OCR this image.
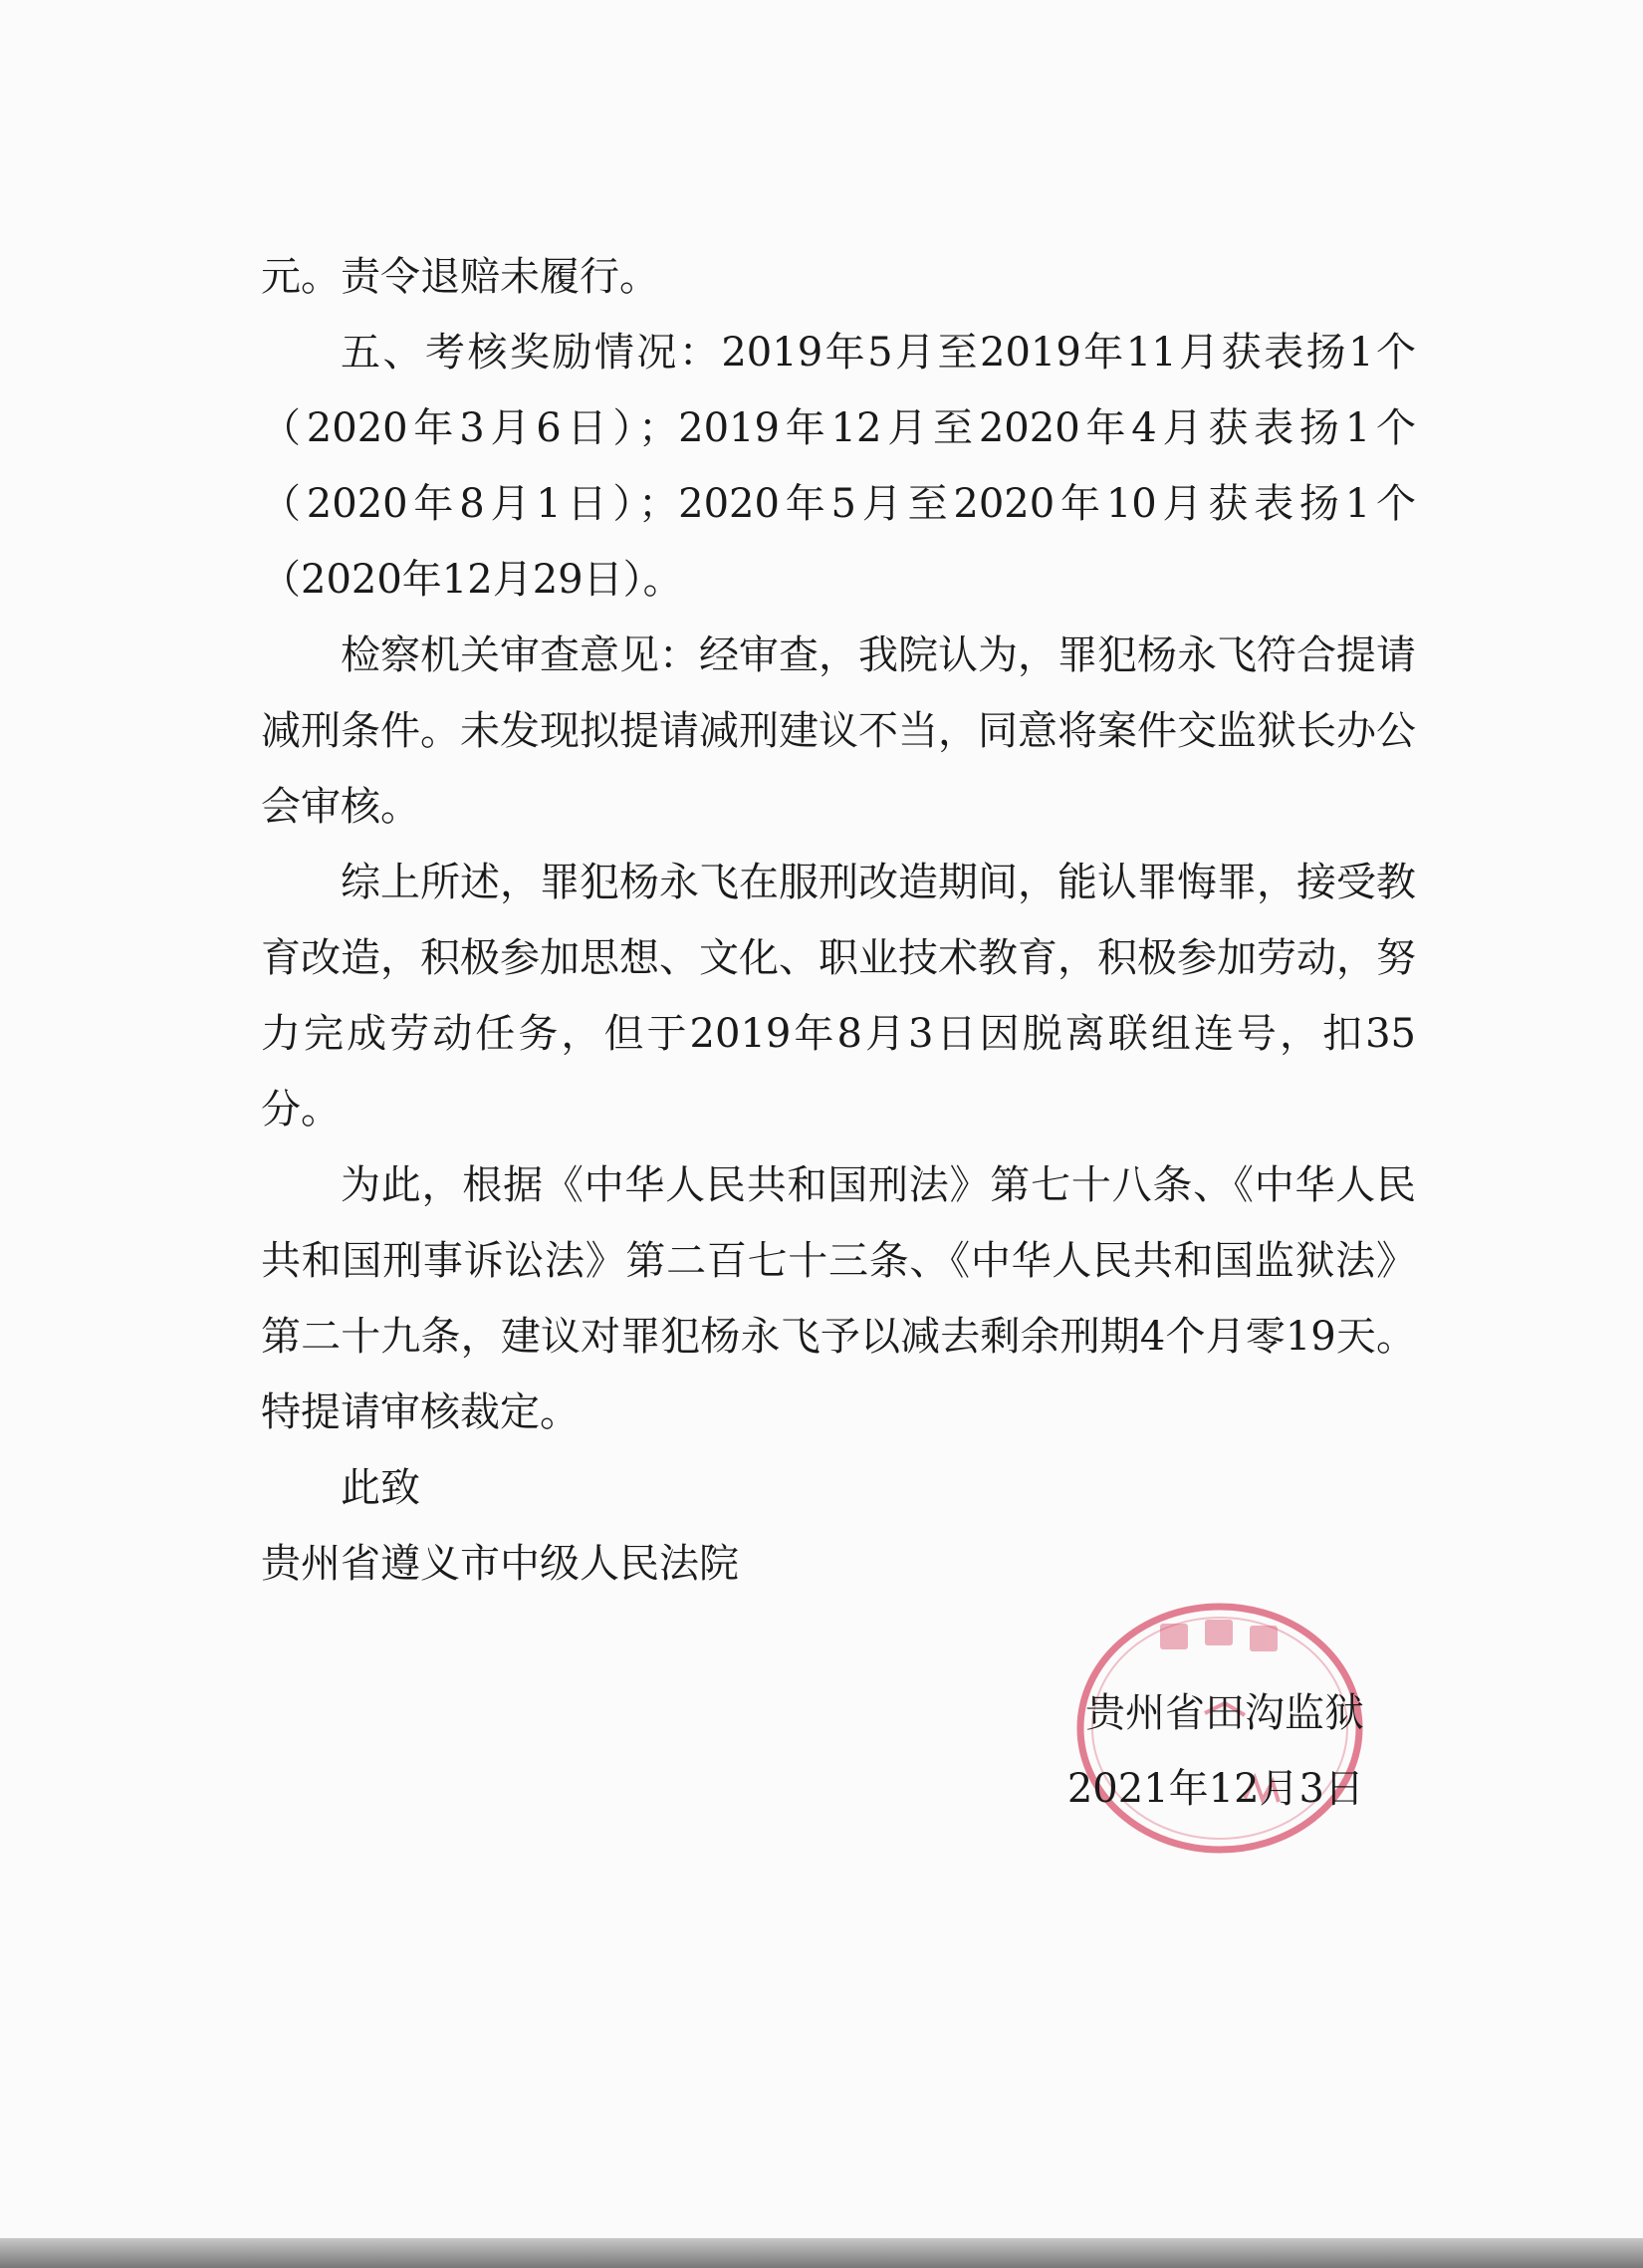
元。责令退赔未履行。

五、考核奖励情况：2019年5月至2019年11月获表扬1个（2020年3月6日）；2019年12月至2020年4月获表扬1个（2020年8月1日）；2020年5月至2020年10月获表扬1个（2020年12月29日）。

检察机关审查意见：经审查，我院认为，罪犯杨永飞符合提请减刑条件。未发现拟提请减刑建议不当，同意将案件交监狱长办公会审核。

综上所述，罪犯杨永飞在服刑改造期间，能认罪悔罪，接受教育改造，积极参加思想、文化、职业技术教育，积极参加劳动，努力完成劳动任务，但于2019年8月3日因脱离联组连号，扣35分。

为此，根据《中华人民共和国刑法》第七十八条、《中华人民共和国刑事诉讼法》第二百七十三条、《中华人民共和国监狱法》第二十九条，建议对罪犯杨永飞予以减去剩余刑期4个月零19天。特提请审核裁定。

此致

贵州省遵义市中级人民法院

贵州省田沟监狱
2021年12月3日
